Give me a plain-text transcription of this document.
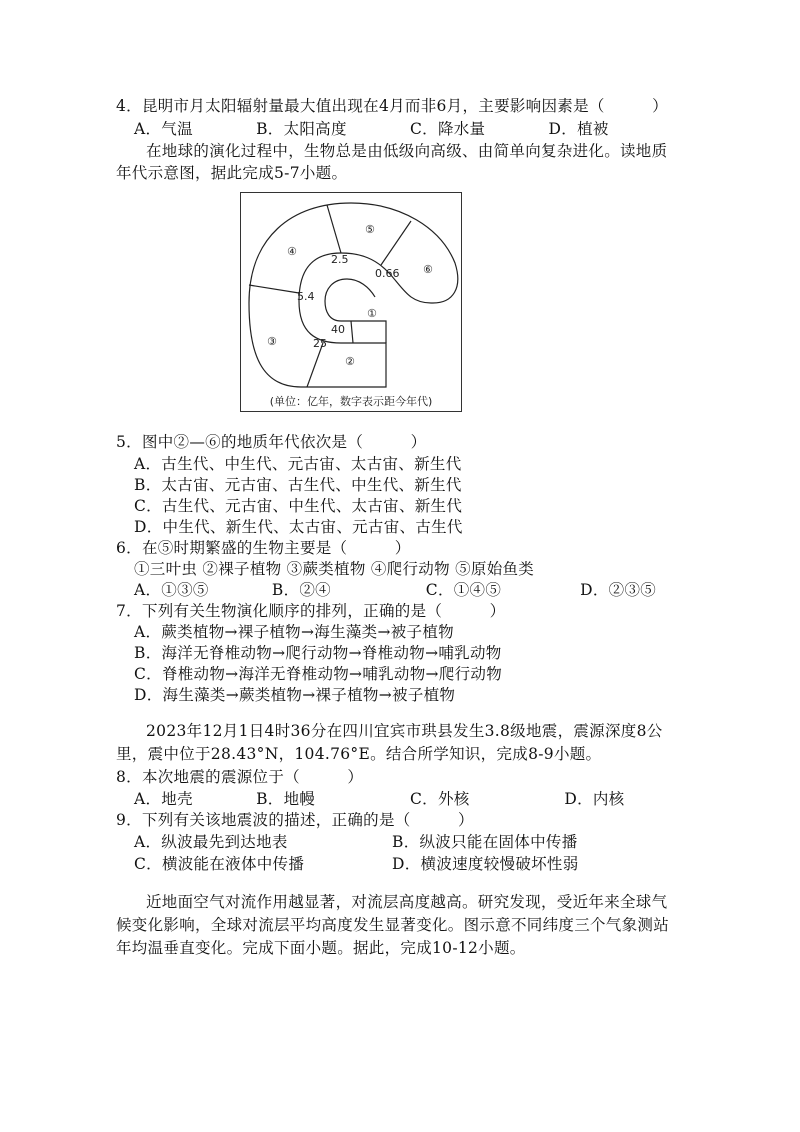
4．昆明市月太阳辐射量最大值出现在4月而非6月，主要影响因素是（　　　）
A．气温　　　　B．太阳高度　　　　C．降水量　　　　D．植被
在地球的演化过程中，生物总是由低级向高级、由简单向复杂进化。读地质
年代示意图，据此完成5-7小题。
①
②
③
④
⑤
⑥
40
25
5.4
2.5
0.66
(单位：亿年，数字表示距今年代)
5．图中②—⑥的地质年代依次是（　　　）
A．古生代、中生代、元古宙、太古宙、新生代
B．太古宙、元古宙、古生代、中生代、新生代
C．古生代、元古宙、中生代、太古宙、新生代
D．中生代、新生代、太古宙、元古宙、古生代
6．在⑤时期繁盛的生物主要是（　　　）
①三叶虫 ②裸子植物 ③蕨类植物 ④爬行动物 ⑤原始鱼类
A．①③⑤　　　　B．②④　　　　　　C．①④⑤　　　　　D．②③⑤
7．下列有关生物演化顺序的排列，正确的是（　　　）
A．蕨类植物→裸子植物→海生藻类→被子植物
B．海洋无脊椎动物→爬行动物→脊椎动物→哺乳动物
C．脊椎动物→海洋无脊椎动物→哺乳动物→爬行动物
D．海生藻类→蕨类植物→裸子植物→被子植物
2023年12月1日4时36分在四川宜宾市珙县发生3.8级地震，震源深度8公
里，震中位于28.43°N，104.76°E。结合所学知识，完成8-9小题。
8．本次地震的震源位于（　　　）
A．地壳　　　　B．地幔　　　　　　C．外核　　　　　　D．内核
9．下列有关该地震波的描述，正确的是（　　　）
A．纵波最先到达地表	B．纵波只能在固体中传播
C．横波能在液体中传播	D．横波速度较慢破坏性弱
近地面空气对流作用越显著，对流层高度越高。研究发现，受近年来全球气
候变化影响，全球对流层平均高度发生显著变化。图示意不同纬度三个气象测站
年均温垂直变化。完成下面小题。据此，完成10-12小题。
